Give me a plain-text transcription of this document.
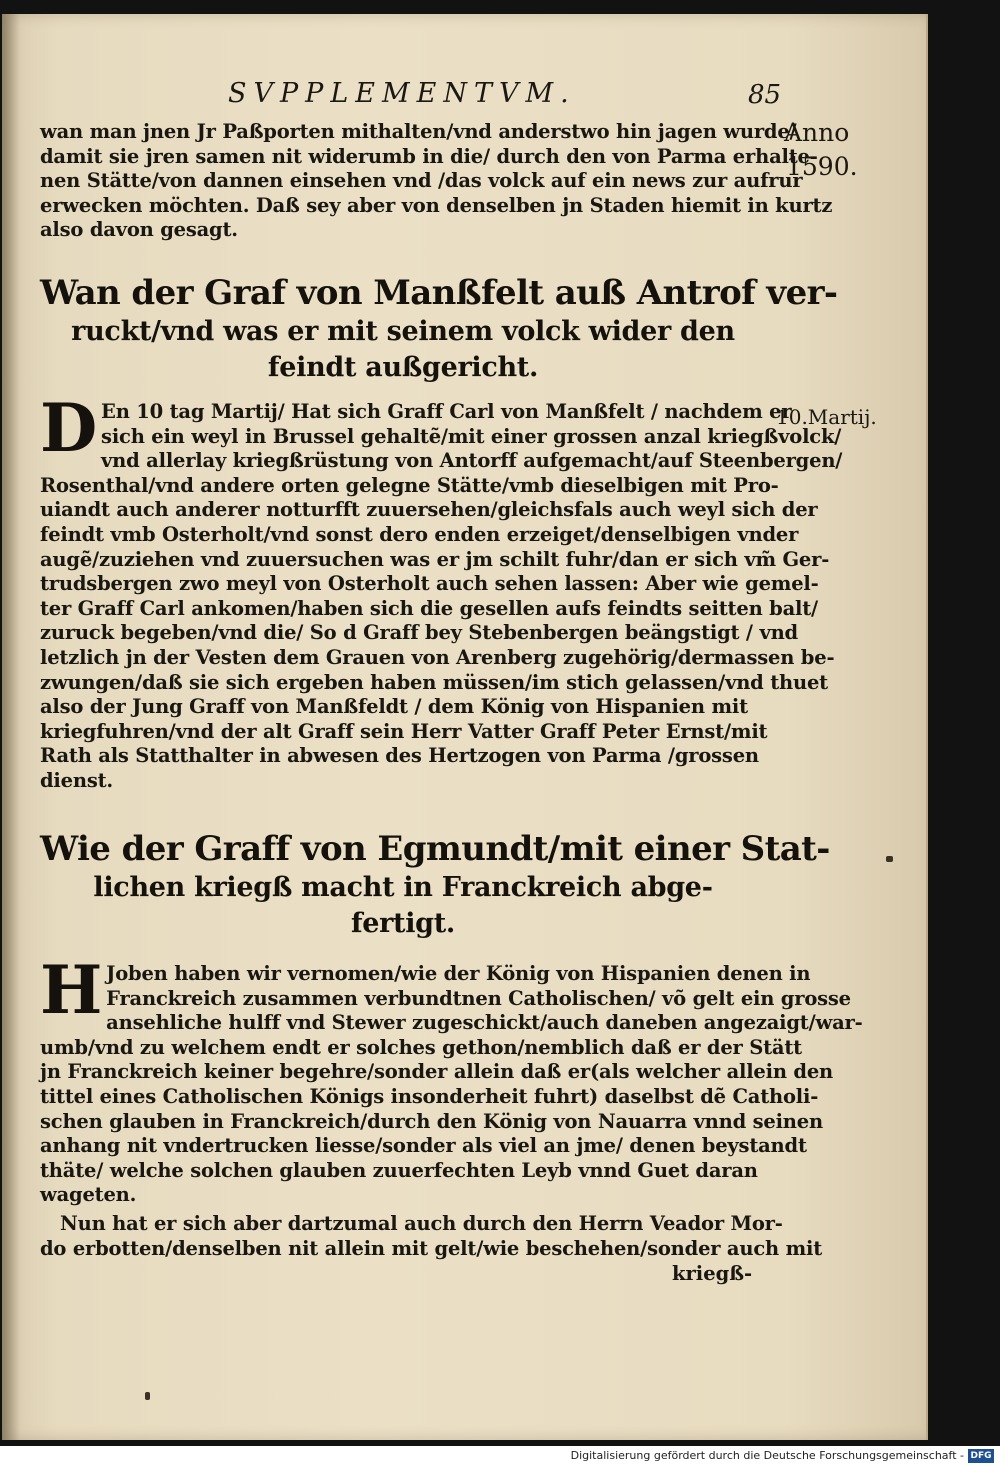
SVPPLEMENTVM.	85
Anno
1590.
10.Martij.
wan man jnen Jr Paßporten mithalten/vnd anderstwo hin jagen wurde/
damit sie jren samen nit widerumb in die/ durch den von Parma erhalte-
nen Stätte/von dannen einsehen vnd /das volck auf ein news zur aufrur
erwecken möchten. Daß sey aber von denselben jn Staden hiemit in kurtz
also davon gesagt.
Wan der Graf von Manßfelt auß Antrof ver-
ruckt/vnd was er mit seinem volck wider den
feindt außgericht.
D En 10 tag Martij/ Hat sich Graff Carl von Manßfelt / nachdem er
sich ein weyl in Brussel gehaltẽ/mit einer grossen anzal kriegßvolck/
vnd allerlay kriegßrüstung von Antorff aufgemacht/auf Steenbergen/
Rosenthal/vnd andere orten gelegne Stätte/vmb dieselbigen mit Pro-
uiandt auch anderer notturfft zuuersehen/gleichsfals auch weyl sich der
feindt vmb Osterholt/vnd sonst dero enden erzeiget/denselbigen vnder
augẽ/zuziehen vnd zuuersuchen was er jm schilt fuhr/dan er sich vm̃ Ger-
trudsbergen zwo meyl von Osterholt auch sehen lassen: Aber wie gemel-
ter Graff Carl ankomen/haben sich die gesellen aufs feindts seitten balt/
zuruck begeben/vnd die/ So d Graff bey Stebenbergen beängstigt / vnd
letzlich jn der Vesten dem Grauen von Arenberg zugehörig/dermassen be-
zwungen/daß sie sich ergeben haben müssen/im stich gelassen/vnd thuet
also der Jung Graff von Manßfeldt / dem König von Hispanien mit
kriegfuhren/vnd der alt Graff sein Herr Vatter Graff Peter Ernst/mit
Rath als Statthalter in abwesen des Hertzogen von Parma /grossen
dienst.
Wie der Graff von Egmundt/mit einer Stat-
lichen kriegß macht in Franckreich abge-
fertigt.
H Joben haben wir vernomen/wie der König von Hispanien denen in
Franckreich zusammen verbundtnen Catholischen/ võ gelt ein grosse
ansehliche hulff vnd Stewer zugeschickt/auch daneben angezaigt/war-
umb/vnd zu welchem endt er solches gethon/nemblich daß er der Stätt
jn Franckreich keiner begehre/sonder allein daß er(als welcher allein den
tittel eines Catholischen Königs insonderheit fuhrt) daselbst dẽ Catholi-
schen glauben in Franckreich/durch den König von Nauarra vnnd seinen
anhang nit vndertrucken liesse/sonder als viel an jme/ denen beystandt
thäte/ welche solchen glauben zuuerfechten Leyb vnnd Guet daran
wageten.
Nun hat er sich aber dartzumal auch durch den Herrn Veador Mor-
do erbotten/denselben nit allein mit gelt/wie beschehen/sonder auch mit
kriegß-
Digitalisierung gefördert durch die Deutsche Forschungsgemeinschaft - DFG
